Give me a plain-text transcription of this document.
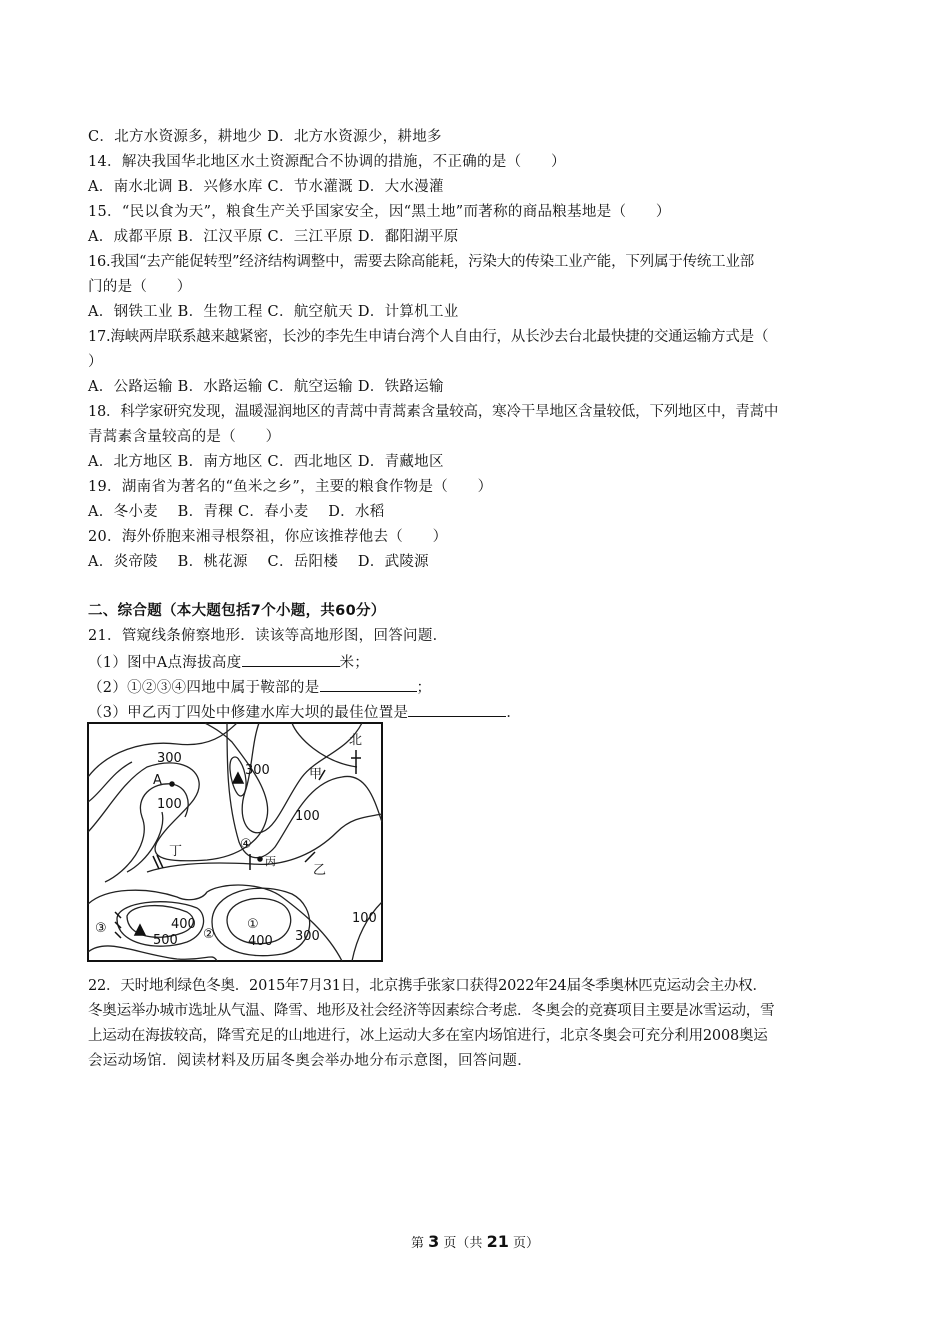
C．北方水资源多，耕地少 D．北方水资源少，耕地多
14．解决我国华北地区水土资源配合不协调的措施，不正确的是（　　）
A．南水北调 B．兴修水库 C．节水灌溉 D．大水漫灌
15．“民以食为天”，粮食生产关乎国家安全，因“黑土地”而著称的商品粮基地是（　　）
A．成都平原 B．江汉平原 C．三江平原 D．鄱阳湖平原
16.我国“去产能促转型”经济结构调整中，需要去除高能耗，污染大的传染工业产能，下列属于传统工业部
门的是（　　）
A．钢铁工业 B．生物工程 C．航空航天 D．计算机工业
17.海峡两岸联系越来越紧密，长沙的李先生申请台湾个人自由行，从长沙去台北最快捷的交通运输方式是（
）
A．公路运输 B．水路运输 C．航空运输 D．铁路运输
18．科学家研究发现，温暖湿润地区的青蒿中青蒿素含量较高，寒冷干旱地区含量较低，下列地区中，青蒿中
青蒿素含量较高的是（　　）
A．北方地区 B．南方地区 C．西北地区 D．青藏地区
19．湖南省为著名的“鱼米之乡”，主要的粮食作物是（　　）
A．冬小麦　 B．青稞 C．春小麦　 D．水稻
20．海外侨胞来湘寻根祭祖，你应该推荐他去（　　）
A．炎帝陵　 B．桃花源　 C．岳阳楼　 D．武陵源
二、综合题（本大题包括7个小题，共60分）
21．管窥线条俯察地形．读该等高地形图，回答问题．
（1）图中A点海拔高度	米；
（2）①②③④四地中属于鞍部的是	；
（3）甲乙丙丁四处中修建水库大坝的最佳位置是	．
北
300
A
100
300	甲
100
④
丁
丙
乙
③	400
500 ②
①
400 300
100
22．天时地利绿色冬奥．2015年7月31日，北京携手张家口获得2022年24届冬季奥林匹克运动会主办权．
冬奥运举办城市选址从气温、降雪、地形及社会经济等因素综合考虑．冬奥会的竞赛项目主要是冰雪运动，雪
上运动在海拔较高，降雪充足的山地进行，冰上运动大多在室内场馆进行，北京冬奥会可充分利用2008奥运
会运动场馆．阅读材料及历届冬奥会举办地分布示意图，回答问题．
第 3 页（共 21 页）
